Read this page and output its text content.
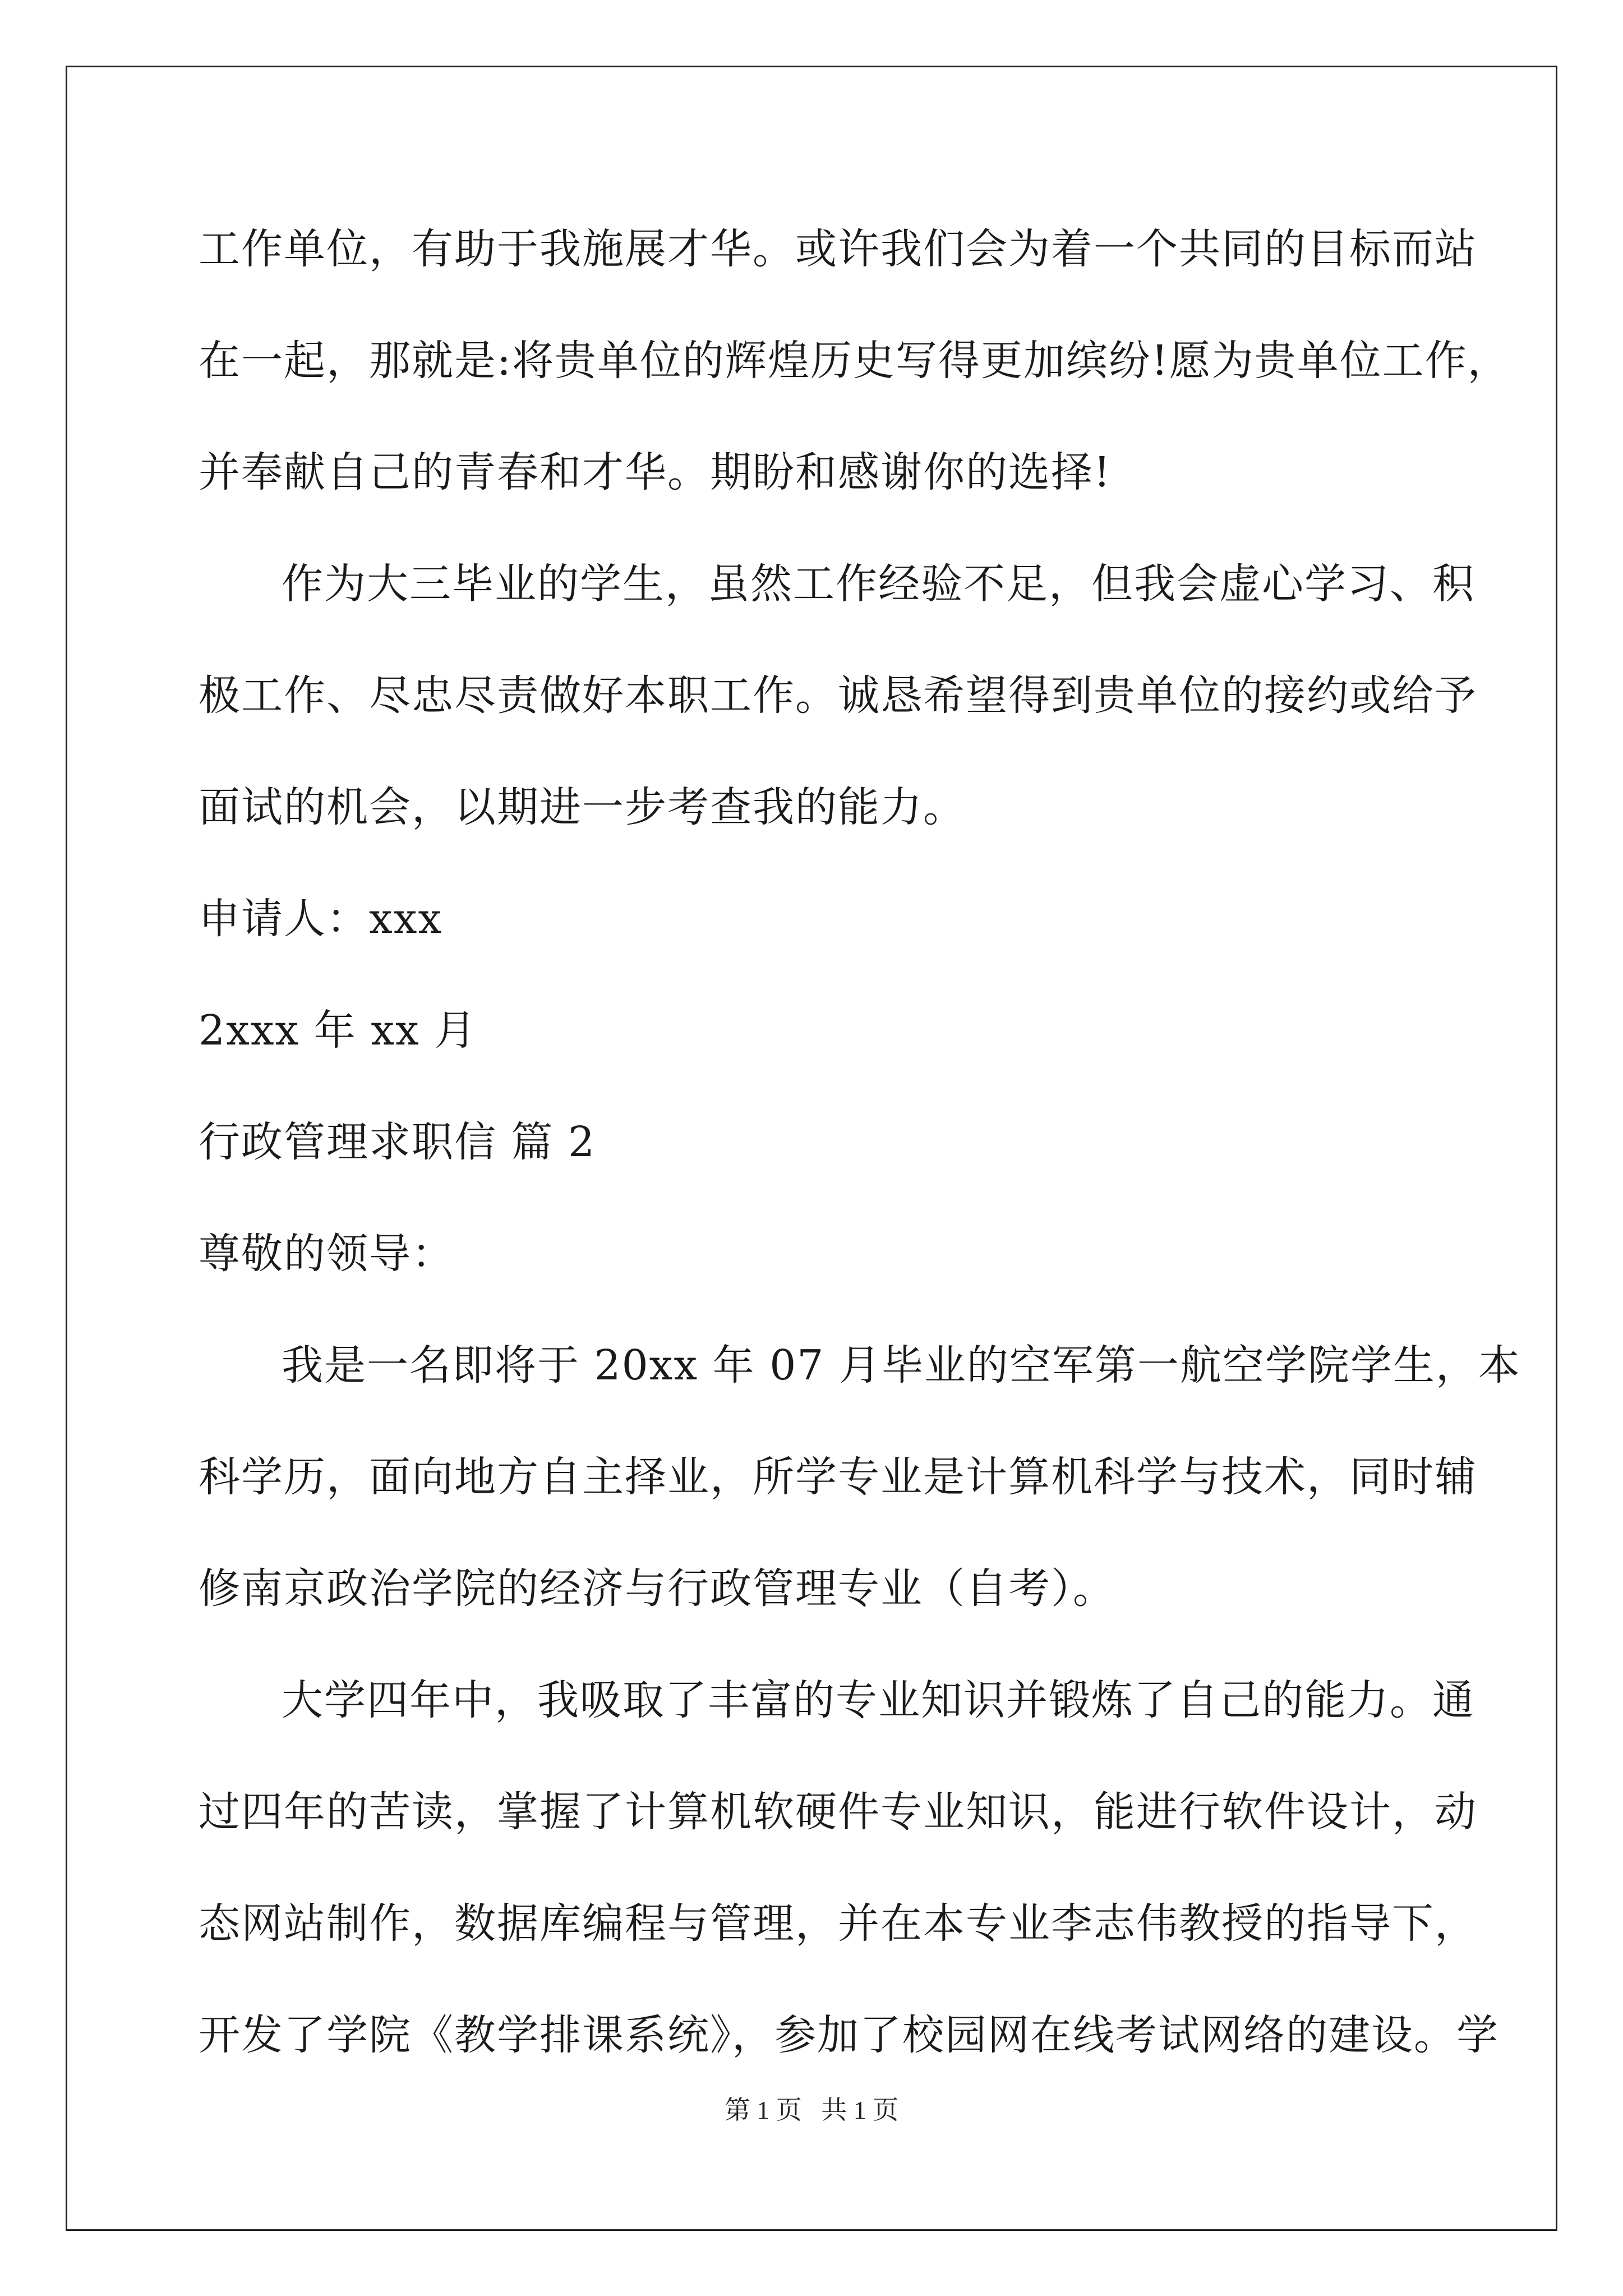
工作单位，有助于我施展才华。或许我们会为着一个共同的目标而站
在一起，那就是:将贵单位的辉煌历史写得更加缤纷!愿为贵单位工作，
并奉献自己的青春和才华。期盼和感谢你的选择!
作为大三毕业的学生，虽然工作经验不足，但我会虚心学习、积
极工作、尽忠尽责做好本职工作。诚恳希望得到贵单位的接约或给予
面试的机会，以期进一步考查我的能力。
申请人：xxx
2xxx 年 xx 月
行政管理求职信 篇 2
尊敬的领导：
我是一名即将于 20xx 年 07 月毕业的空军第一航空学院学生，本
科学历，面向地方自主择业，所学专业是计算机科学与技术，同时辅
修南京政治学院的经济与行政管理专业（自考）。
大学四年中，我吸取了丰富的专业知识并锻炼了自己的能力。通
过四年的苦读，掌握了计算机软硬件专业知识，能进行软件设计，动
态网站制作，数据库编程与管理，并在本专业李志伟教授的指导下，
开发了学院《教学排课系统》，参加了校园网在线考试网络的建设。学
第 1 页   共 1 页
